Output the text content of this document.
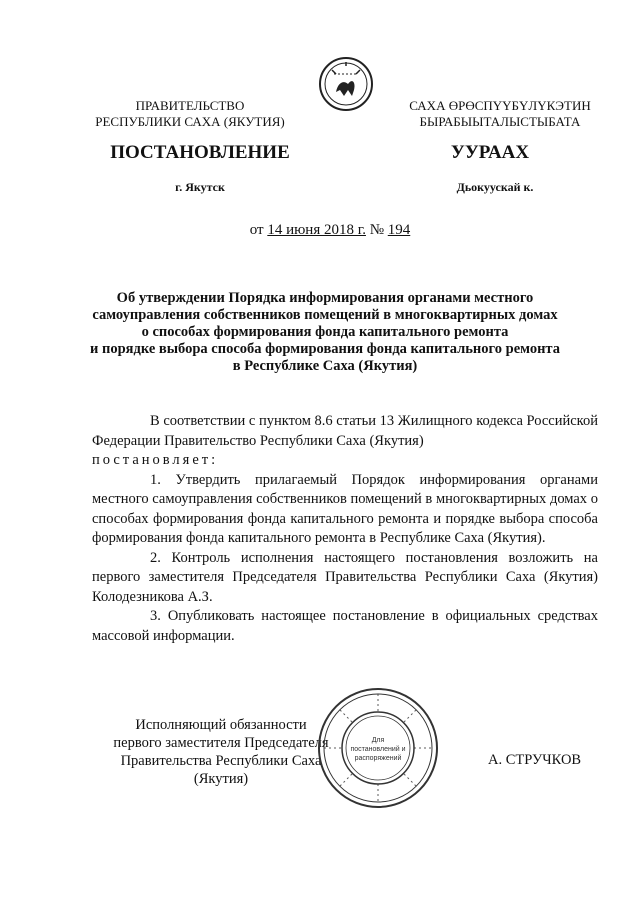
ПРАВИТЕЛЬСТВО
РЕСПУБЛИКИ САХА (ЯКУТИЯ)
САХА ӨРӨСПҮҮБҮЛҮКЭТИН
БЫРАБЫЫТАЛЫСТЫБАТА
ПОСТАНОВЛЕНИЕ	УУРААХ
г. Якутск	Дьокуускай к.
от 14 июня 2018 г. № 194
Об утверждении Порядка информирования органами местного
самоуправления собственников помещений в многоквартирных домах
о способах формирования фонда капитального ремонта
и порядке выбора способа формирования фонда капитального ремонта
в Республике Саха (Якутия)

В соответствии с пунктом 8.6 статьи 13 Жилищного кодекса Российской Федерации Правительство Республики Саха (Якутия)

постановляет:

1. Утвердить прилагаемый Порядок информирования органами местного самоуправления собственников помещений в многоквартирных домах о способах формирования фонда капитального ремонта и порядке выбора способа формирования фонда капитального ремонта в Республике Саха (Якутия).

2. Контроль исполнения настоящего постановления возложить на первого заместителя Председателя Правительства Республики Саха (Якутия) Колодезникова А.З.

3. Опубликовать настоящее постановление в официальных средствах массовой информации.

Исполняющий обязанности
первого заместителя Председателя
Правительства Республики Саха (Якутия)
Для
постановлений и
распоряжений	А. СТРУЧКОВ
